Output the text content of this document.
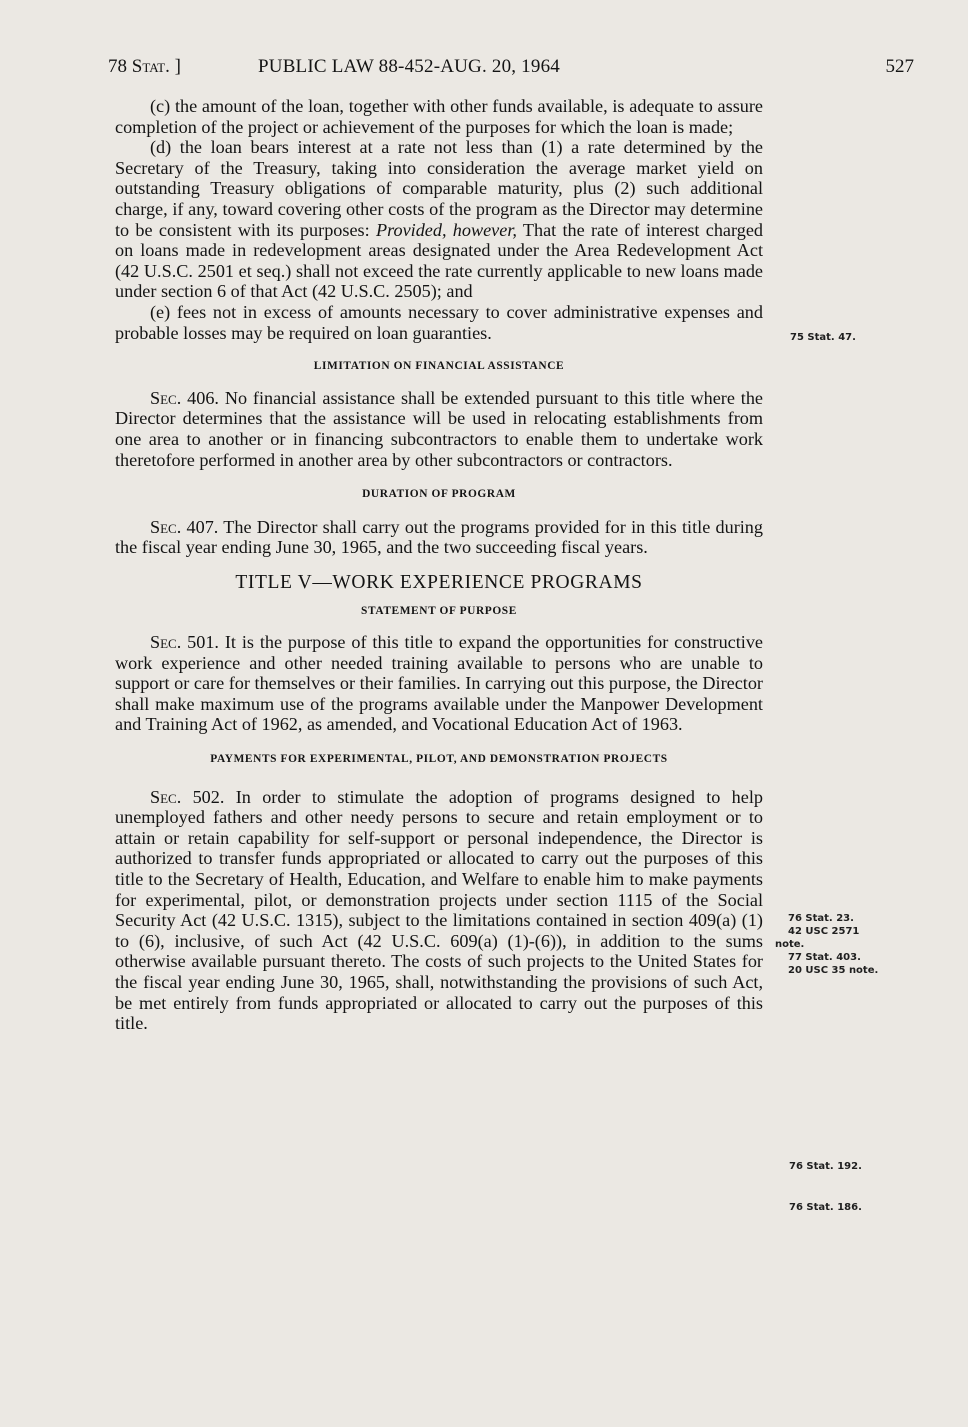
78 Stat. ]	PUBLIC LAW 88-452-AUG. 20, 1964	527

(c) the amount of the loan, together with other funds available, is adequate to assure completion of the project or achievement of the purposes for which the loan is made;

(d) the loan bears interest at a rate not less than (1) a rate determined by the Secretary of the Treasury, taking into consideration the average market yield on outstanding Treasury obligations of comparable maturity, plus (2) such additional charge, if any, toward covering other costs of the program as the Director may determine to be consistent with its purposes: Provided, however, That the rate of interest charged on loans made in redevelopment areas designated under the Area Redevelopment Act (42 U.S.C. 2501 et seq.) shall not exceed the rate currently applicable to new loans made under section 6 of that Act (42 U.S.C. 2505); and

(e) fees not in excess of amounts necessary to cover administrative expenses and probable losses may be required on loan guaranties.

LIMITATION ON FINANCIAL ASSISTANCE

Sec. 406. No financial assistance shall be extended pursuant to this title where the Director determines that the assistance will be used in relocating establishments from one area to another or in financing subcontractors to enable them to undertake work theretofore performed in another area by other subcontractors or contractors.

DURATION OF PROGRAM

Sec. 407. The Director shall carry out the programs provided for in this title during the fiscal year ending June 30, 1965, and the two succeeding fiscal years.

TITLE V—WORK EXPERIENCE PROGRAMS

STATEMENT OF PURPOSE

Sec. 501. It is the purpose of this title to expand the opportunities for constructive work experience and other needed training available to persons who are unable to support or care for themselves or their families. In carrying out this purpose, the Director shall make maximum use of the programs available under the Manpower Development and Training Act of 1962, as amended, and Vocational Education Act of 1963.

PAYMENTS FOR EXPERIMENTAL, PILOT, AND DEMONSTRATION PROJECTS

Sec. 502. In order to stimulate the adoption of programs designed to help unemployed fathers and other needy persons to secure and retain employment or to attain or retain capability for self-support or personal independence, the Director is authorized to transfer funds appropriated or allocated to carry out the purposes of this title to the Secretary of Health, Education, and Welfare to enable him to make payments for experimental, pilot, or demonstration projects under section 1115 of the Social Security Act (42 U.S.C. 1315), subject to the limitations contained in section 409(a) (1) to (6), inclusive, of such Act (42 U.S.C. 609(a) (1)-(6)), in addition to the sums otherwise available pursuant thereto. The costs of such projects to the United States for the fiscal year ending June 30, 1965, shall, notwithstanding the provisions of such Act, be met entirely from funds appropriated or allocated to carry out the purposes of this title.

75 Stat. 47.
76 Stat. 23.
42 USC 2571
note.
77 Stat. 403.
20 USC 35 note.
76 Stat. 192.
76 Stat. 186.
